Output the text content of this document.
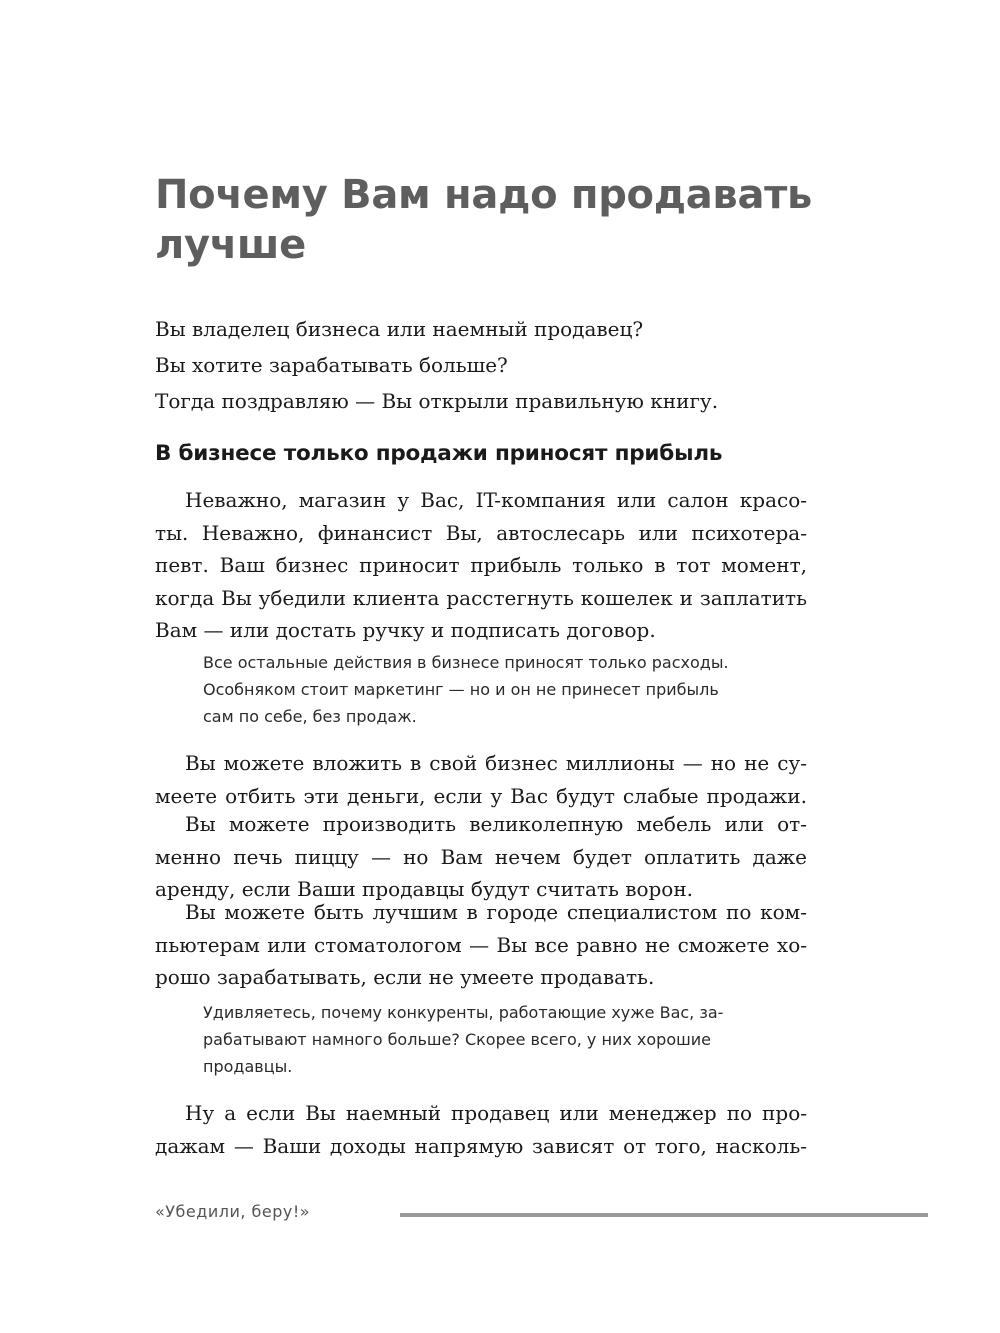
Почему Вам надо продавать
лучше
Вы владелец бизнеса или наемный продавец?
Вы хотите зарабатывать больше?
Тогда поздравляю — Вы открыли правильную книгу.
В бизнесе только продажи приносят прибыль
Неважно, магазин у Вас, IT-компания или салон красо-
ты. Неважно, финансист Вы, автослесарь или психотера-
певт. Ваш бизнес приносит прибыль только в тот момент,
когда Вы убедили клиента расстегнуть кошелек и заплатить
Вам — или достать ручку и подписать договор.
Все остальные действия в бизнесе приносят только расходы.
Особняком стоит маркетинг — но и он не принесет прибыль
сам по себе, без продаж.
Вы можете вложить в свой бизнес миллионы — но не су-
меете отбить эти деньги, если у Вас будут слабые продажи.
Вы можете производить великолепную мебель или от-
менно печь пиццу — но Вам нечем будет оплатить даже
аренду, если Ваши продавцы будут считать ворон.
Вы можете быть лучшим в городе специалистом по ком-
пьютерам или стоматологом — Вы все равно не сможете хо-
рошо зарабатывать, если не умеете продавать.
Удивляетесь, почему конкуренты, работающие хуже Вас, за-
рабатывают намного больше? Скорее всего, у них хорошие
продавцы.
Ну а если Вы наемный продавец или менеджер по про-
дажам — Ваши доходы напрямую зависят от того, насколь-
«Убедили, беру!»
